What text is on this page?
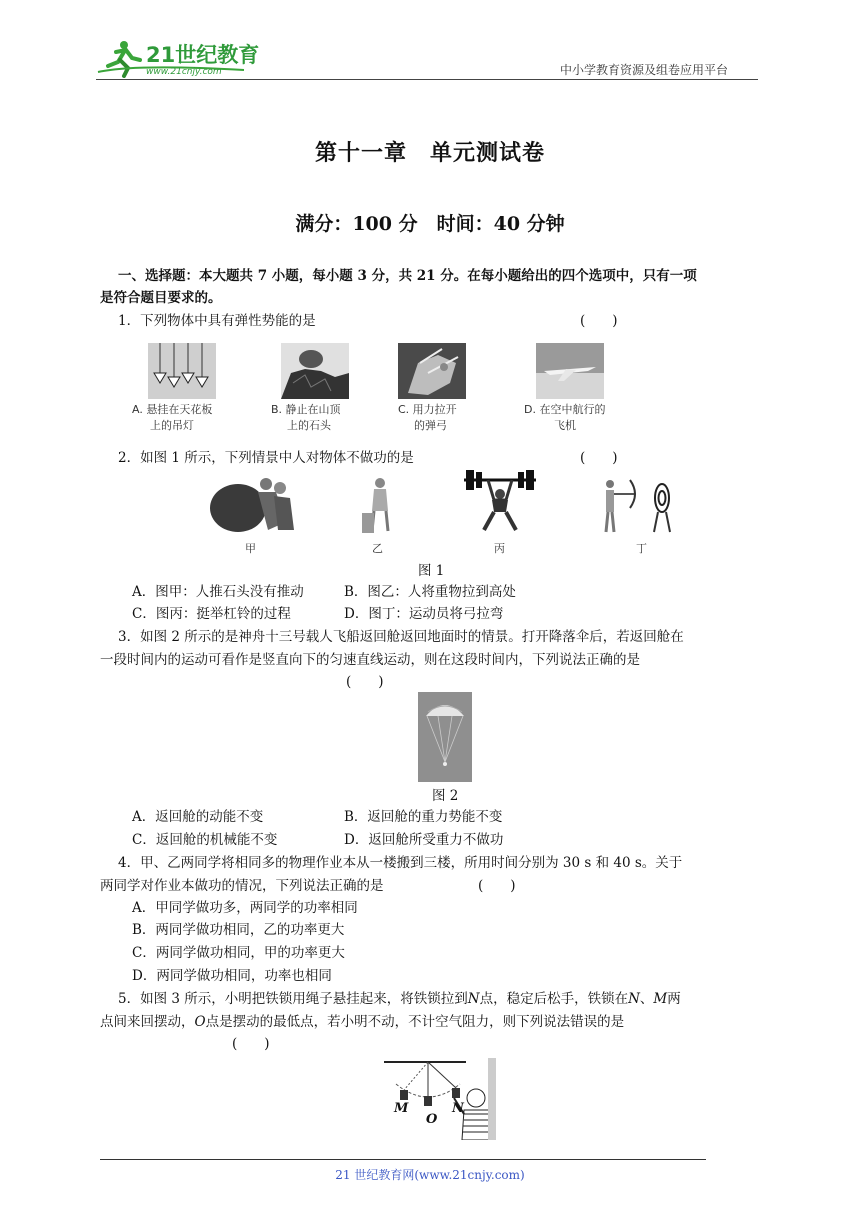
21世纪教育
www.21cnjy.com	中小学教育资源及组卷应用平台
第十一章　单元测试卷
满分：100 分　时间：40 分钟
一、选择题：本大题共 7 小题，每小题 3 分，共 21 分。在每小题给出的四个选项中，只有一项
是符合题目要求的。
1．下列物体中具有弹性势能的是	(　　)
A. 悬挂在天花板
上的吊灯
B. 静止在山顶
上的石头
C. 用力拉开
的弹弓
D. 在空中航行的
飞机
2．如图 1 所示，下列情景中人对物体不做功的是	(　　)
甲	乙	丙	丁
图 1
A．图甲：人推石头没有推动	B．图乙：人将重物拉到高处
C．图丙：挺举杠铃的过程	D．图丁：运动员将弓拉弯
3．如图 2 所示的是神舟十三号载人飞船返回舱返回地面时的情景。打开降落伞后，若返回舱在
一段时间内的运动可看作是竖直向下的匀速直线运动，则在这段时间内，下列说法正确的是
(　　)
图 2
A．返回舱的动能不变	B．返回舱的重力势能不变
C．返回舱的机械能不变	D．返回舱所受重力不做功
4．甲、乙两同学将相同多的物理作业本从一楼搬到三楼，所用时间分别为 30 s 和 40 s。关于
两同学对作业本做功的情况，下列说法正确的是	(　　)
A．甲同学做功多，两同学的功率相同
B．两同学做功相同，乙的功率更大
C．两同学做功相同，甲的功率更大
D．两同学做功相同，功率也相同
5．如图 3 所示，小明把铁锁用绳子悬挂起来，将铁锁拉到N点，稳定后松手，铁锁在N、M两
点间来回摆动，O点是摆动的最低点，若小明不动，不计空气阻力，则下列说法错误的是
(　　)
M
O
N
21 世纪教育网(www.21cnjy.com)
